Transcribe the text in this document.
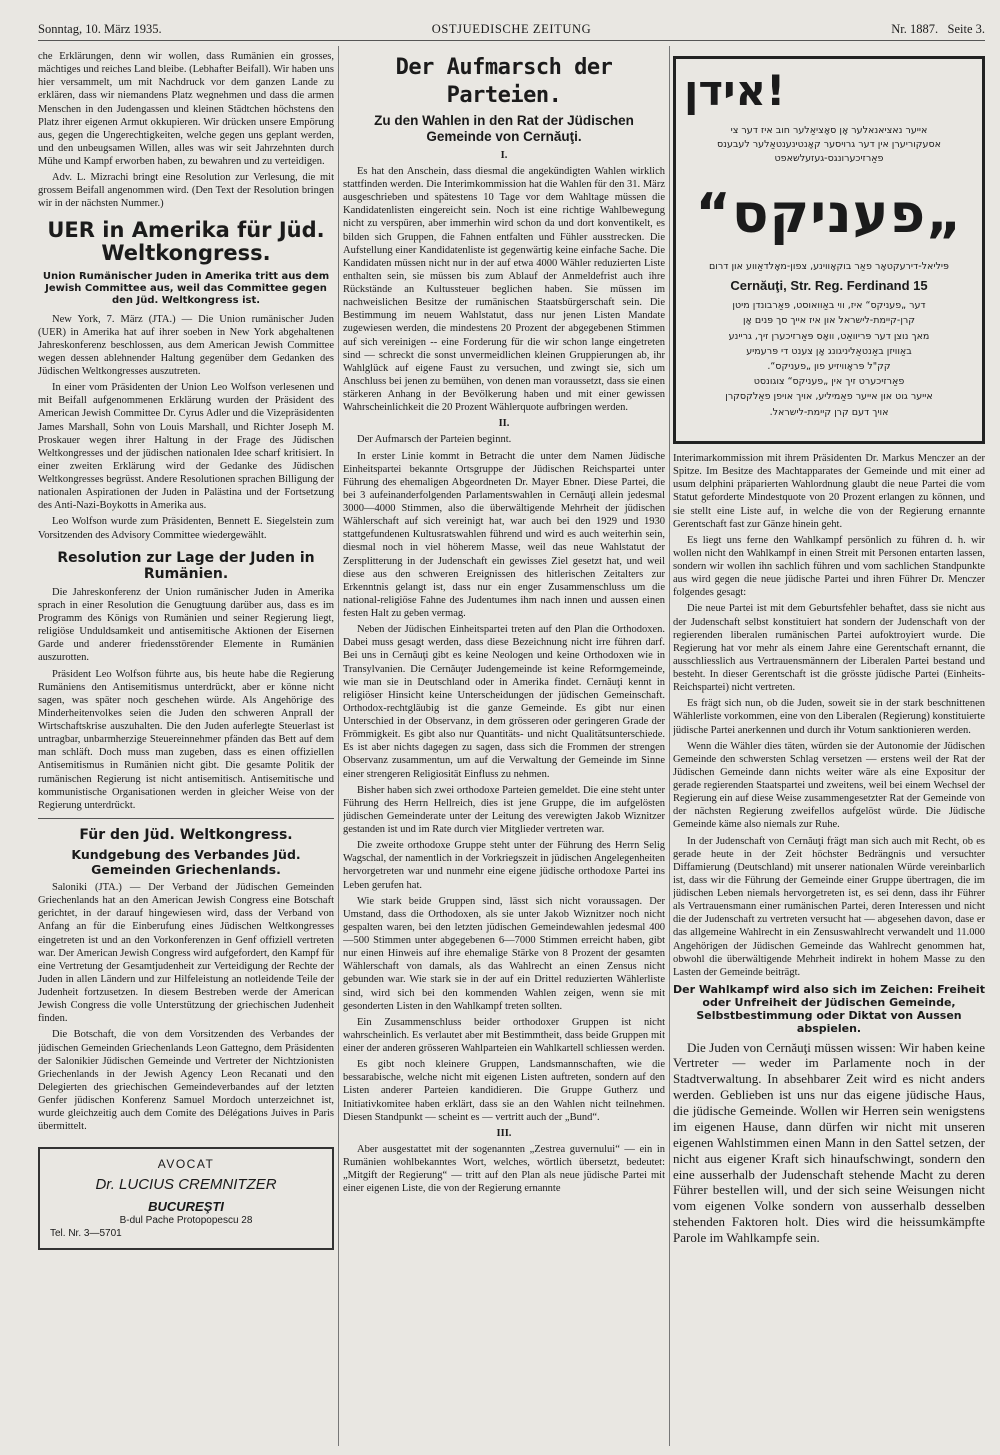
Sonntag, 10. März 1935.	OSTJUEDISCHE ZEITUNG	Nr. 1887. Seite 3.

che Erklärungen, denn wir wollen, dass Rumänien ein grosses, mächtiges und reiches Land bleibe. (Lebhafter Beifall). Wir haben uns hier versammelt, um mit Nachdruck vor dem ganzen Lande zu erklären, dass wir niemandens Platz wegnehmen und dass die armen Menschen in den Judengassen und kleinen Städtchen höchstens den Platz ihrer eigenen Armut okkupieren. Wir drücken unsere Empörung aus, gegen die Ungerechtigkeiten, welche gegen uns geplant werden, und den unbeugsamen Willen, alles was wir seit Jahrzehnten durch Mühe und Kampf erworben haben, zu bewahren und zu verteidigen.

Adv. L. Mizrachi bringt eine Resolution zur Verlesung, die mit grossem Beifall angenommen wird. (Den Text der Resolution bringen wir in der nächsten Nummer.)

UER in Amerika für Jüd. Weltkongress.
Union Rumänischer Juden in Amerika tritt aus dem Jewish Committee aus, weil das Committee gegen den Jüd. Weltkongress ist.

New York, 7. März (JTA.) — Die Union rumänischer Juden (UER) in Amerika hat auf ihrer soeben in New York abgehaltenen Jahreskonferenz beschlossen, aus dem American Jewish Committee wegen dessen ablehnender Haltung gegenüber dem Gedanken des Jüdischen Weltkongresses auszutreten.

In einer vom Präsidenten der Union Leo Wolfson verlesenen und mit Beifall aufgenommenen Erklärung wurden der Präsident des American Jewish Committee Dr. Cyrus Adler und die Vizepräsidenten James Marshall, Sohn von Louis Marshall, und Richter Joseph M. Proskauer wegen ihrer Haltung in der Frage des Jüdischen Weltkongresses und der jüdischen nationalen Idee scharf kritisiert. In einer zweiten Erklärung wird der Gedanke des Jüdischen Weltkongresses begrüsst. Andere Resolutionen sprachen Billigung der nationalen Aspirationen der Juden in Palästina und der Fortsetzung des Anti-Nazi-Boykotts in Amerika aus.

Leo Wolfson wurde zum Präsidenten, Bennett E. Siegelstein zum Vorsitzenden des Advisory Committee wiedergewählt.

Resolution zur Lage der Juden in Rumänien.

Die Jahreskonferenz der Union rumänischer Juden in Amerika sprach in einer Resolution die Genugtuung darüber aus, dass es im Programm des Königs von Rumänien und seiner Regierung liegt, religiöse Unduldsamkeit und antisemitische Aktionen der Eisernen Garde und anderer friedensstörender Elemente in Rumänien auszurotten.

Präsident Leo Wolfson führte aus, bis heute habe die Regierung Rumäniens den Antisemitismus unterdrückt, aber er könne nicht sagen, was später noch geschehen würde. Als Angehörige des Minderheitenvolkes seien die Juden den schweren Anprall der Wirtschaftskrise auszuhalten. Die den Juden auferlegte Steuerlast ist untragbar, unbarmherzige Steuereinnehmer pfänden das Bett auf dem man schläft. Doch muss man zugeben, dass es einen offiziellen Antisemitismus in Rumänien nicht gibt. Die gesamte Politik der rumänischen Regierung ist nicht antisemitisch. Antisemitische und kommunistische Organisationen werden in gleicher Weise von der Regierung unterdrückt.

Für den Jüd. Weltkongress.
Kundgebung des Verbandes Jüd. Gemeinden Griechenlands.

Saloniki (JTA.) — Der Verband der Jüdischen Gemeinden Griechenlands hat an den American Jewish Congress eine Botschaft gerichtet, in der darauf hingewiesen wird, dass der Verband von Anfang an für die Einberufung eines Jüdischen Weltkongresses eingetreten ist und an den Vorkonferenzen in Genf offiziell vertreten war. Der American Jewish Congress wird aufgefordert, den Kampf für eine Vertretung der Gesamtjudenheit zur Verteidigung der Rechte der Juden in allen Ländern und zur Hilfeleistung an notleidende Teile der Judenheit fortzusetzen. In diesem Bestreben werde der American Jewish Congress die volle Unterstützung der griechischen Judenheit finden.

Die Botschaft, die von dem Vorsitzenden des Verbandes der jüdischen Gemeinden Griechenlands Leon Gattegno, dem Präsidenten der Salonikier Jüdischen Gemeinde und Vertreter der Nichtzionisten Griechenlands in der Jewish Agency Leon Recanati und den Delegierten des griechischen Gemeindeverbandes auf der letzten Genfer jüdischen Konferenz Samuel Mordoch unterzeichnet ist, wurde gleichzeitig auch dem Comite des Délégations Juives in Paris übermittelt.

AVOCAT
Dr. LUCIUS CREMNITZER
BUCUREŞTI
B-dul Pache Protopopescu 28
Tel. Nr. 3—5701
Der Aufmarsch der Parteien.
Zu den Wahlen in den Rat der Jüdischen Gemeinde von Cernăuţi.

I.

Es hat den Anschein, dass diesmal die angekündigten Wahlen wirklich stattfinden werden. Die Interimkommission hat die Wahlen für den 31. März ausgeschrieben und spätestens 10 Tage vor dem Wahltage müssen die Kandidatenlisten eingereicht sein. Noch ist eine richtige Wahlbewegung nicht zu verspüren, aber immerhin wird schon da und dort konventikelt, es bilden sich Gruppen, die Fahnen entfalten und Fühler ausstrecken. Die Aufstellung einer Kandidatenliste ist gegenwärtig keine einfache Sache. Die Kandidaten müssen nicht nur in der auf etwa 4000 Wähler reduzierten Liste enthalten sein, sie müssen bis zum Ablauf der Anmeldefrist auch ihre Rückstände an Kultussteuer beglichen haben. Sie müssen im nachweislichen Besitze der rumänischen Staatsbürgerschaft sein. Die Bestimmung im neuem Wahlstatut, dass nur jenen Listen Mandate zugewiesen werden, die mindestens 20 Prozent der abgegebenen Stimmen auf sich vereinigen -- eine Forderung für die wir schon lange eingetreten sind — schreckt die sonst unvermeidlichen kleinen Gruppierungen ab, ihr Wahlglück auf eigene Faust zu versuchen, und zwingt sie, sich um Anschluss bei jenen zu bemühen, von denen man voraussetzt, dass sie einen stärkeren Anhang in der Bevölkerung haben und mit einer gewissen Wahrscheinlichkeit die 20 Prozent Wählerquote aufbringen werden.

II.

Der Aufmarsch der Parteien beginnt.

In erster Linie kommt in Betracht die unter dem Namen Jüdische Einheitspartei bekannte Ortsgruppe der Jüdischen Reichspartei unter Führung des ehemaligen Abgeordneten Dr. Mayer Ebner. Diese Partei, die bei 3 aufeinanderfolgenden Parlamentswahlen in Cernăuţi allein jedesmal 3000—4000 Stimmen, also die überwältigende Mehrheit der jüdischen Wählerschaft auf sich vereinigt hat, war auch bei den 1929 und 1930 stattgefundenen Kultusratswahlen führend und wird es auch weiterhin sein, diesmal noch in viel höherem Masse, weil das neue Wahlstatut der Zersplitterung in der Judenschaft ein gewisses Ziel gesetzt hat, und weil diese aus den schweren Ereignissen des hitlerischen Zeitalters zur Erkenntnis gelangt ist, dass nur ein enger Zusammenschluss um die national-religiöse Fahne des Judentumes ihm nach innen und aussen einen festen Halt zu geben vermag.

Neben der Jüdischen Einheitspartei treten auf den Plan die Orthodoxen. Dabei muss gesagt werden, dass diese Bezeichnung nicht irre führen darf. Bei uns in Cernăuţi gibt es keine Neologen und keine Orthodoxen wie in Transylvanien. Die Cernăuţer Judengemeinde ist keine Reformgemeinde, wie man sie in Deutschland oder in Amerika findet. Cernăuţi kennt in religiöser Hinsicht keine Unterscheidungen der jüdischen Gemeinschaft. Orthodox-rechtgläubig ist die ganze Gemeinde. Es gibt nur einen Unterschied in der Observanz, in dem grösseren oder geringeren Grade der Frömmigkeit. Es gibt also nur Quantitäts- und nicht Qualitätsunterschiede. Es ist aber nichts dagegen zu sagen, dass sich die Frommen der strengen Observanz zusammentun, um auf die Verwaltung der Gemeinde im Sinne einer strengeren Religiosität Einfluss zu nehmen.

Bisher haben sich zwei orthodoxe Parteien gemeldet. Die eine steht unter Führung des Herrn Hellreich, dies ist jene Gruppe, die im aufgelösten jüdischen Gemeinderate unter der Leitung des verewigten Jakob Wiznitzer gestanden ist und im Rate durch vier Mitglieder vertreten war.

Die zweite orthodoxe Gruppe steht unter der Führung des Herrn Selig Wagschal, der namentlich in der Vorkriegszeit in jüdischen Angelegenheiten hervorgetreten war und nunmehr eine eigene jüdische orthodoxe Partei ins Leben gerufen hat.

Wie stark beide Gruppen sind, lässt sich nicht voraussagen. Der Umstand, dass die Orthodoxen, als sie unter Jakob Wiznitzer noch nicht gespalten waren, bei den letzten jüdischen Gemeindewahlen jedesmal 400—500 Stimmen unter abgegebenen 6—7000 Stimmen erreicht haben, gibt nur einen Hinweis auf ihre ehemalige Stärke von 8 Prozent der gesamten Wählerschaft von damals, als das Wahlrecht an einen Zensus nicht gebunden war. Wie stark sie in der auf ein Drittel reduzierten Wählerliste sind, wird sich bei den kommenden Wahlen zeigen, wenn sie mit gesonderten Listen in den Wahlkampf treten sollten.

Ein Zusammenschluss beider orthodoxer Gruppen ist nicht wahrscheinlich. Es verlautet aber mit Bestimmtheit, dass beide Gruppen mit einer der anderen grösseren Wahlparteien ein Wahlkartell schliessen werden.

Es gibt noch kleinere Gruppen, Landsmannschaften, wie die bessarabische, welche nicht mit eigenen Listen auftreten, sondern auf den Listen anderer Parteien kandidieren. Die Gruppe Gutherz und Initiativkomitee haben erklärt, dass sie an den Wahlen nicht teilnehmen. Diesen Standpunkt — scheint es — vertritt auch der „Bund“.

III.

Aber ausgestattet mit der sogenannten „Zestrea guvernului“ — ein in Rumänien wohlbekanntes Wort, welches, wörtlich übersetzt, bedeutet: „Mitgift der Regierung“ — tritt auf den Plan als neue jüdische Partei mit einer eigenen Liste, die von der Regierung ernannte

אידן!
אייער נאציאנאלער אָן סאָציאַלער חוב איז דער צי
אסעקוריערן אין דער גרויסער קאָנטינענטאַלער לעבענס
פאַרזיכערונגס-געזעלשאפט
„פעניקס“
פּיליאל-דירעקטאָר פאַר בוקאָווינע, צפון-מאָלדאַווע און דרום
Cernăuţi, Str. Reg. Ferdinand 15
דער „פעניקס“ איז, ווי באַוואוסט, פּאַרבונדן מיטן
קרן-קיימת-לישראל און איז אייך סך פּנים אָן
מאך נוצן דער פּריוואַט, וואָס פּאַרזיכערן זיך, גריינע
באַוויזן באַנטאַליניגונג אָן צענט די פּרעמיע
קק"ל פּראָוויזיע פון „פעניקס“.
פאַרזיכערט זיך אין „פעניקס“ צוגונסט
אייער גוט און אייער פאַמיליע, אויך אויפן פאַלקסקרן
אויך דעם קרן קיימת-לישראל.

Interimarkommission mit ihrem Präsidenten Dr. Markus Menczer an der Spitze. Im Besitze des Machtapparates der Gemeinde und mit einer ad usum delphini präparierten Wahlordnung glaubt die neue Partei die vom Statut geforderte Mindestquote von 20 Prozent erlangen zu können, und sie stellt eine Liste auf, in welche die von der Regierung ernannte Gerentschaft fast zur Gänze hinein geht.

Es liegt uns ferne den Wahlkampf persönlich zu führen d. h. wir wollen nicht den Wahlkampf in einen Streit mit Personen entarten lassen, sondern wir wollen ihn sachlich führen und vom sachlichen Standpunkte aus wird gegen die neue jüdische Partei und ihren Führer Dr. Menczer folgendes gesagt:

Die neue Partei ist mit dem Geburtsfehler behaftet, dass sie nicht aus der Judenschaft selbst konstituiert hat sondern der Judenschaft von der regierenden liberalen rumänischen Partei aufoktroyiert wurde. Die Regierung hat vor mehr als einem Jahre eine Gerentschaft ernannt, die ausschliesslich aus Vertrauensmännern der Liberalen Partei bestand und besteht. In dieser Gerentschaft ist die grösste jüdische Partei (Einheits-Reichspartei) nicht vertreten.

Es frägt sich nun, ob die Juden, soweit sie in der stark beschnittenen Wählerliste vorkommen, eine von den Liberalen (Regierung) konstituierte jüdische Partei anerkennen und durch ihr Votum sanktionieren werden.

Wenn die Wähler dies täten, würden sie der Autonomie der Jüdischen Gemeinde den schwersten Schlag versetzen — erstens weil der Rat der Jüdischen Gemeinde dann nichts weiter wäre als eine Expositur der gerade regierenden Staatspartei und zweitens, weil bei einem Wechsel der Regierung ein auf diese Weise zusammengesetzter Rat der Gemeinde von der nächsten Regierung zweifellos aufgelöst würde. Die Jüdische Gemeinde käme also niemals zur Ruhe.

In der Judenschaft von Cernăuţi frägt man sich auch mit Recht, ob es gerade heute in der Zeit höchster Bedrängnis und versuchter Diffamierung (Deutschland) mit unserer nationalen Würde vereinbarlich ist, dass wir die Führung der Gemeinde einer Gruppe übertragen, die im jüdischen Leben niemals hervorgetreten ist, es sei denn, dass ihr Führer als Vertrauensmann einer rumänischen Partei, deren Interessen und nicht die der Judenschaft zu vertreten versucht hat — abgesehen davon, dase er das allgemeine Wahlrecht in ein Zensuswahlrecht verwandelt und 11.000 Angehörigen der Jüdischen Gemeinde das Wahlrecht genommen hat, obwohl die überwältigende Mehrheit indirekt in hohem Masse zu den Lasten der Gemeinde beiträgt.

Der Wahlkampf wird also sich im Zeichen: Freiheit oder Unfreiheit der Jüdischen Gemeinde, Selbstbestimmung oder Diktat von Aussen abspielen.

Die Juden von Cernăuţi müssen wissen: Wir haben keine Vertreter — weder im Parlamente noch in der Stadtverwaltung. In absehbarer Zeit wird es nicht anders werden. Geblieben ist uns nur das eigene jüdische Haus, die jüdische Gemeinde. Wollen wir Herren sein wenigstens im eigenen Hause, dann dürfen wir nicht mit unseren eigenen Wahlstimmen einen Mann in den Sattel setzen, der nicht aus eigener Kraft sich hinaufschwingt, sondern den eine ausserhalb der Judenschaft stehende Macht zu deren Führer bestellen will, und der sich seine Weisungen nicht vom eigenen Volke sondern von ausserhalb desselben stehenden Faktoren holt. Dies wird die heissumkämpfte Parole im Wahlkampfe sein.
